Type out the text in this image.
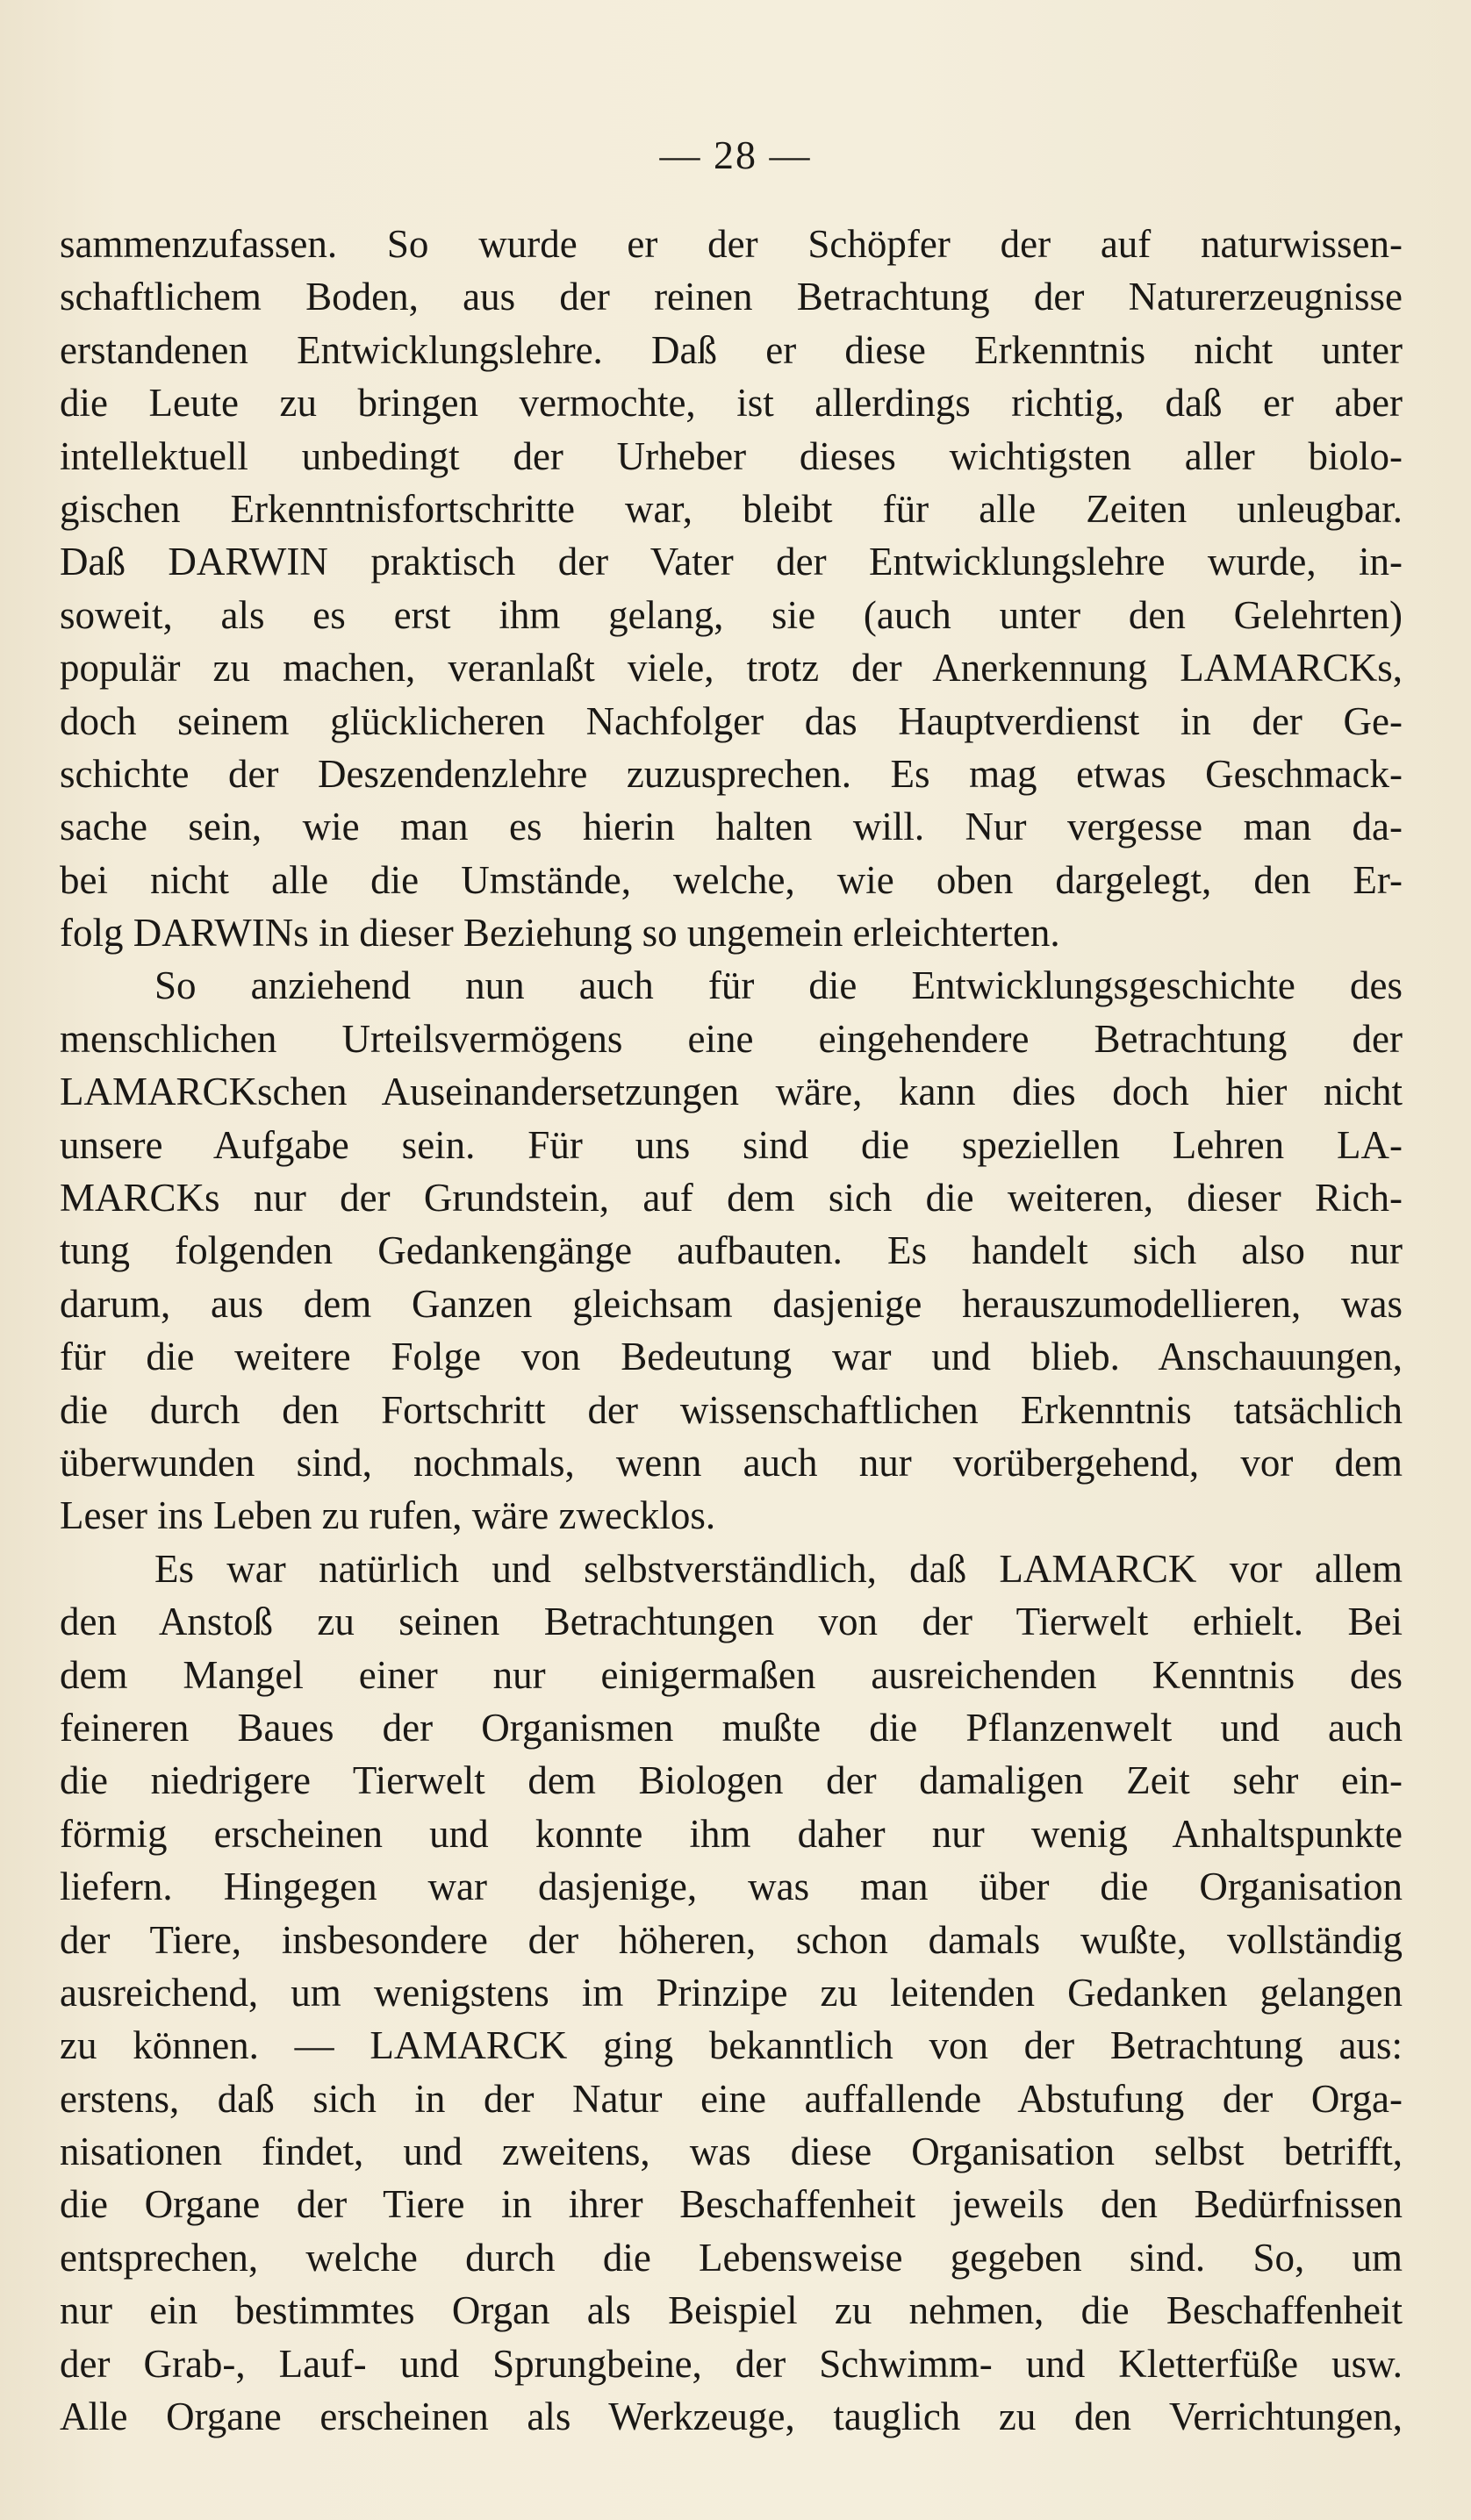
— 28 —
sammenzufassen. So wurde er der Schöpfer der auf naturwissen-
schaftlichem Boden, aus der reinen Betrachtung der Naturerzeugnisse
erstandenen Entwicklungslehre. Daß er diese Erkenntnis nicht unter
die Leute zu bringen vermochte, ist allerdings richtig, daß er aber
intellektuell unbedingt der Urheber dieses wichtigsten aller biolo-
gischen Erkenntnisfortschritte war, bleibt für alle Zeiten unleugbar.
Daß DARWIN praktisch der Vater der Entwicklungslehre wurde, in-
soweit, als es erst ihm gelang, sie (auch unter den Gelehrten)
populär zu machen, veranlaßt viele, trotz der Anerkennung LAMARCKs,
doch seinem glücklicheren Nachfolger das Hauptverdienst in der Ge-
schichte der Deszendenzlehre zuzusprechen. Es mag etwas Geschmack-
sache sein, wie man es hierin halten will. Nur vergesse man da-
bei nicht alle die Umstände, welche, wie oben dargelegt, den Er-
folg DARWINs in dieser Beziehung so ungemein erleichterten.
So anziehend nun auch für die Entwicklungsgeschichte des
menschlichen Urteilsvermögens eine eingehendere Betrachtung der
LAMARCKschen Auseinandersetzungen wäre, kann dies doch hier nicht
unsere Aufgabe sein. Für uns sind die speziellen Lehren LA-
MARCKs nur der Grundstein, auf dem sich die weiteren, dieser Rich-
tung folgenden Gedankengänge aufbauten. Es handelt sich also nur
darum, aus dem Ganzen gleichsam dasjenige herauszumodellieren, was
für die weitere Folge von Bedeutung war und blieb. Anschauungen,
die durch den Fortschritt der wissenschaftlichen Erkenntnis tatsächlich
überwunden sind, nochmals, wenn auch nur vorübergehend, vor dem
Leser ins Leben zu rufen, wäre zwecklos.
Es war natürlich und selbstverständlich, daß LAMARCK vor allem
den Anstoß zu seinen Betrachtungen von der Tierwelt erhielt. Bei
dem Mangel einer nur einigermaßen ausreichenden Kenntnis des
feineren Baues der Organismen mußte die Pflanzenwelt und auch
die niedrigere Tierwelt dem Biologen der damaligen Zeit sehr ein-
förmig erscheinen und konnte ihm daher nur wenig Anhaltspunkte
liefern. Hingegen war dasjenige, was man über die Organisation
der Tiere, insbesondere der höheren, schon damals wußte, vollständig
ausreichend, um wenigstens im Prinzipe zu leitenden Gedanken gelangen
zu können. — LAMARCK ging bekanntlich von der Betrachtung aus:
erstens, daß sich in der Natur eine auffallende Abstufung der Orga-
nisationen findet, und zweitens, was diese Organisation selbst betrifft,
die Organe der Tiere in ihrer Beschaffenheit jeweils den Bedürfnissen
entsprechen, welche durch die Lebensweise gegeben sind. So, um
nur ein bestimmtes Organ als Beispiel zu nehmen, die Beschaffenheit
der Grab-, Lauf- und Sprungbeine, der Schwimm- und Kletterfüße usw.
Alle Organe erscheinen als Werkzeuge, tauglich zu den Verrichtungen,
